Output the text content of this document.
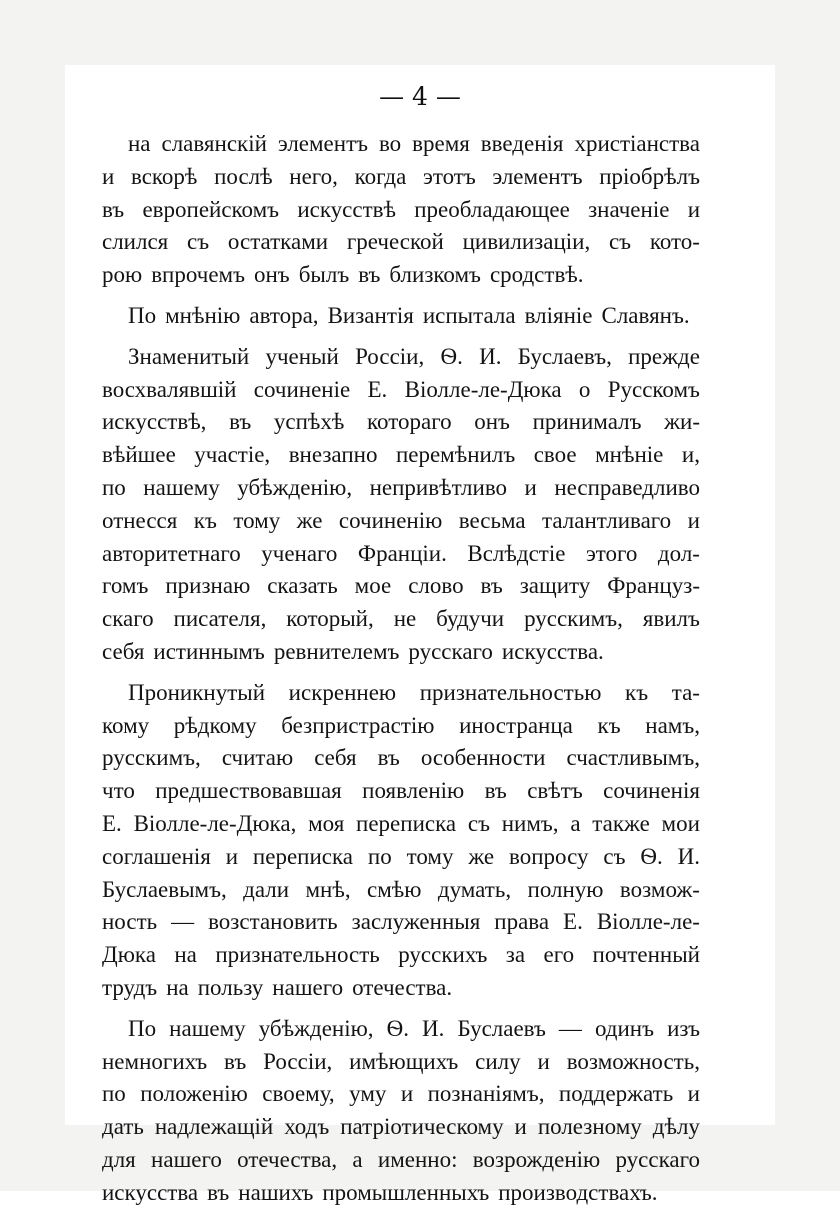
— 4 —
на славянскій элементъ во время введенія христіанства
и вскорѣ послѣ него, когда этотъ элементъ пріобрѣлъ
въ европейскомъ искусствѣ преобладающее значеніе и
слился съ остатками греческой цивилизаціи, съ кото-
рою впрочемъ онъ былъ въ близкомъ сродствѣ.
По мнѣнію автора, Византія испытала вліяніе Славянъ.
Знаменитый ученый Россіи, Ѳ. И. Буслаевъ, прежде
восхвалявшій сочиненіе Е. Віолле-ле-Дюка о Русскомъ
искусствѣ, въ успѣхѣ котораго онъ принималъ жи-
вѣйшее участіе, внезапно перемѣнилъ свое мнѣніе и,
по нашему убѣжденію, непривѣтливо и несправедливо
отнесся къ тому же сочиненію весьма талантливаго и
авторитетнаго ученаго Франціи. Вслѣдстіе этого дол-
гомъ признаю сказать мое слово въ защиту Француз-
скаго писателя, который, не будучи русскимъ, явилъ
себя истиннымъ ревнителемъ русскаго искусства.
Проникнутый искреннею признательностью къ та-
кому рѣдкому безпристрастію иностранца къ намъ,
русскимъ, считаю себя въ особенности счастливымъ,
что предшествовавшая появленію въ свѣтъ сочиненія
Е. Віолле-ле-Дюка, моя переписка съ нимъ, а также мои
соглашенія и переписка по тому же вопросу съ Ѳ. И.
Буслаевымъ, дали мнѣ, смѣю думать, полную возмож-
ность — возстановить заслуженныя права Е. Віолле-ле-
Дюка на признательность русскихъ за его почтенный
трудъ на пользу нашего отечества.
По нашему убѣжденію, Ѳ. И. Буслаевъ — одинъ изъ
немногихъ въ Россіи, имѣющихъ силу и возможность,
по положенію своему, уму и познаніямъ, поддержать и
дать надлежащій ходъ патріотическому и полезному дѣлу
для нашего отечества, а именно: возрожденію русскаго
искусства въ нашихъ промышленныхъ производствахъ.
